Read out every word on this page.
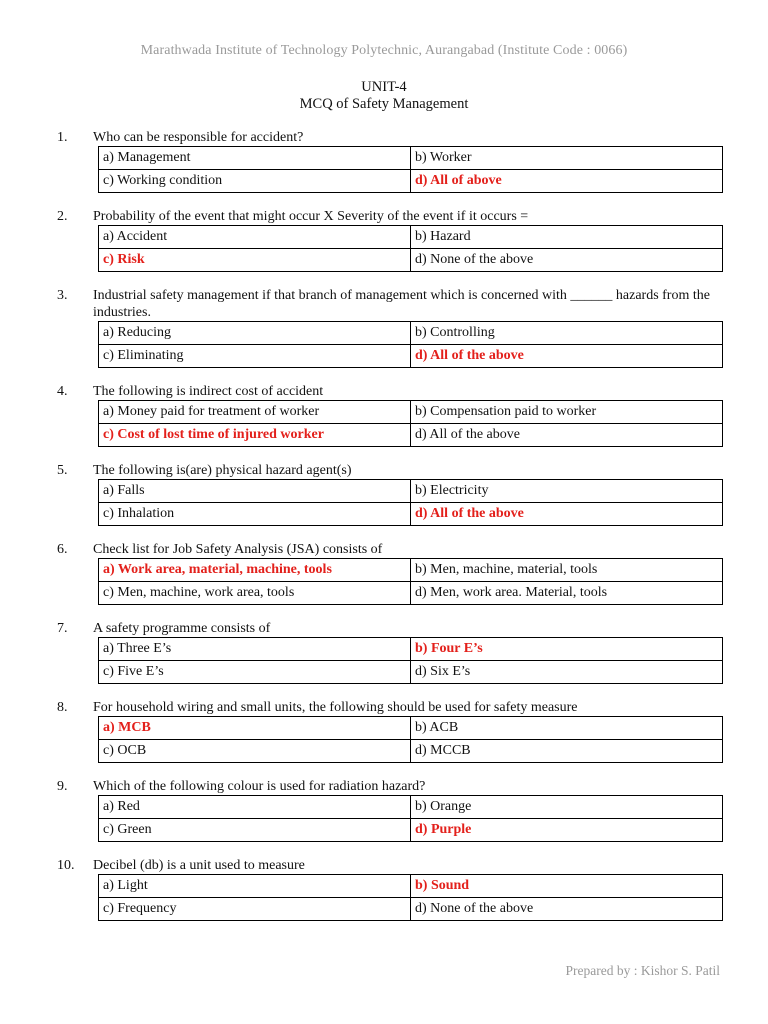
Marathwada Institute of Technology Polytechnic, Aurangabad (Institute Code : 0066)
UNIT-4
MCQ of Safety Management
1. Who can be responsible for accident?
a) Management	b) Worker
c) Working condition	d) All of above
2. Probability of the event that might occur X Severity of the event if it occurs =
a) Accident	b) Hazard
c) Risk	d) None of the above
3. Industrial safety management if that branch of management which is concerned with ______ hazards from the industries.
a) Reducing	b) Controlling
c) Eliminating	d) All of the above
4. The following is indirect cost of accident
a) Money paid for treatment of worker	b) Compensation paid to worker
c) Cost of lost time of injured worker	d) All of the above
5. The following is(are) physical hazard agent(s)
a) Falls	b) Electricity
c) Inhalation	d) All of the above
6. Check list for Job Safety Analysis (JSA) consists of
a) Work area, material, machine, tools	b) Men, machine, material, tools
c) Men, machine, work area, tools	d) Men, work area. Material, tools
7. A safety programme consists of
a) Three E’s	b) Four E’s
c) Five E’s	d) Six E’s
8. For household wiring and small units, the following should be used for safety measure
a) MCB	b) ACB
c) OCB	d) MCCB
9. Which of the following colour is used for radiation hazard?
a) Red	b) Orange
c) Green	d) Purple
10. Decibel (db) is a unit used to measure
a) Light	b) Sound
c) Frequency	d) None of the above
Prepared by : Kishor S. Patil
